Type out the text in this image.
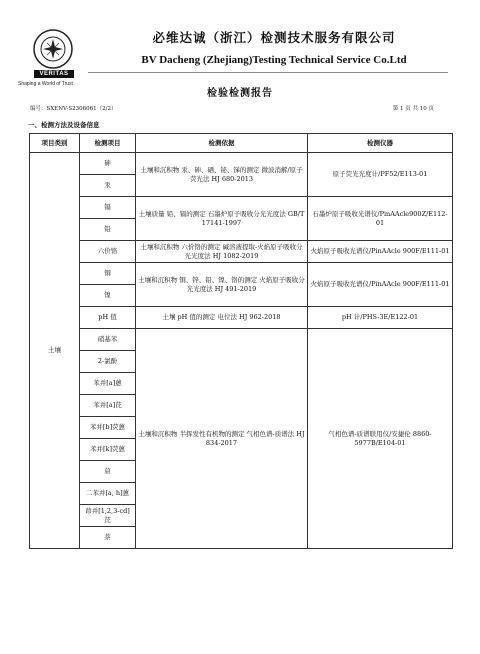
VERITAS
Shaping a World of Trust
必维达诚（浙江）检测技术服务有限公司
BV Dacheng (Zhejiang)Testing Technical Service Co.Ltd
检验检测报告
编号：SXENV-S2306061（2/2）	第 1 页 共 10 页
一、检测方法及设备信息
项目类别	检测项目	检测依据	检测仪器
土壤	砷	土壤和沉积物 汞、砷、硒、铋、锑的测定 微波消解/原子荧光法 HJ 680-2013	原子荧光光度计/PF52/E113-01
	汞		
	镉	土壤质量 铅、镉的测定 石墨炉原子吸收分光光度法 GB/T 17141-1997	石墨炉原子吸收光谱仪/PinAAcle900Z/E112-01
	铅		
	六价铬	土壤和沉积物 六价铬的测定 碱溶液提取-火焰原子吸收分光光度法 HJ 1082-2019	火焰原子吸收光谱仪/PinAAcle 900F/E111-01
	铜	土壤和沉积物 铜、锌、铅、镍、铬的测定 火焰原子吸收分光光度法 HJ 491-2019	火焰原子吸收光谱仪/PinAAcle 900F/E111-01
	镍		
	pH 值	土壤 pH 值的测定 电位法 HJ 962-2018	pH 计/PHS-3E/E122-01
	硝基苯	土壤和沉积物 半挥发性有机物的测定 气相色谱-质谱法 HJ 834-2017	气相色谱-质谱联用仪/安捷伦 8860-5977B/E104-01
	2-氯酚		
	苯并[a]蒽		
	苯并[a]芘		
	苯并[b]荧蒽		
	苯并[k]荧蒽		
	䓛		
	二苯并[a, h]蒽		
	茚并[1,2,3-cd]芘		
	萘		
